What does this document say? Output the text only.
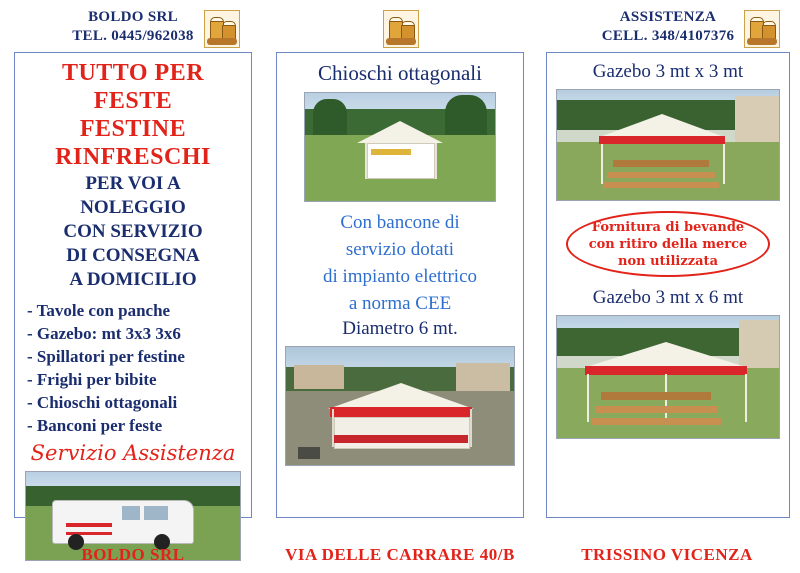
BOLDO SRL
TEL. 0445/962038
TUTTO PER FESTE
FESTINE
RINFRESCHI
PER VOI A
NOLEGGIO
CON SERVIZIO
DI CONSEGNA
A DOMICILIO
- Tavole con panche
- Gazebo: mt 3x3 3x6
- Spillatori per festine
- Frighi per bibite
- Chioschi ottagonali
- Banconi per feste
Servizio Assistenza
Chioschi ottagonali
Con bancone di
servizio dotati
di impianto elettrico
a norma CEE
Diametro 6 mt.
ASSISTENZA
CELL. 348/4107376
Gazebo 3 mt x 3 mt
Fornitura di bevande
con ritiro della merce
non utilizzata
Gazebo 3 mt x 6 mt
BOLDO SRL	VIA DELLE CARRARE 40/B	TRISSINO VICENZA
